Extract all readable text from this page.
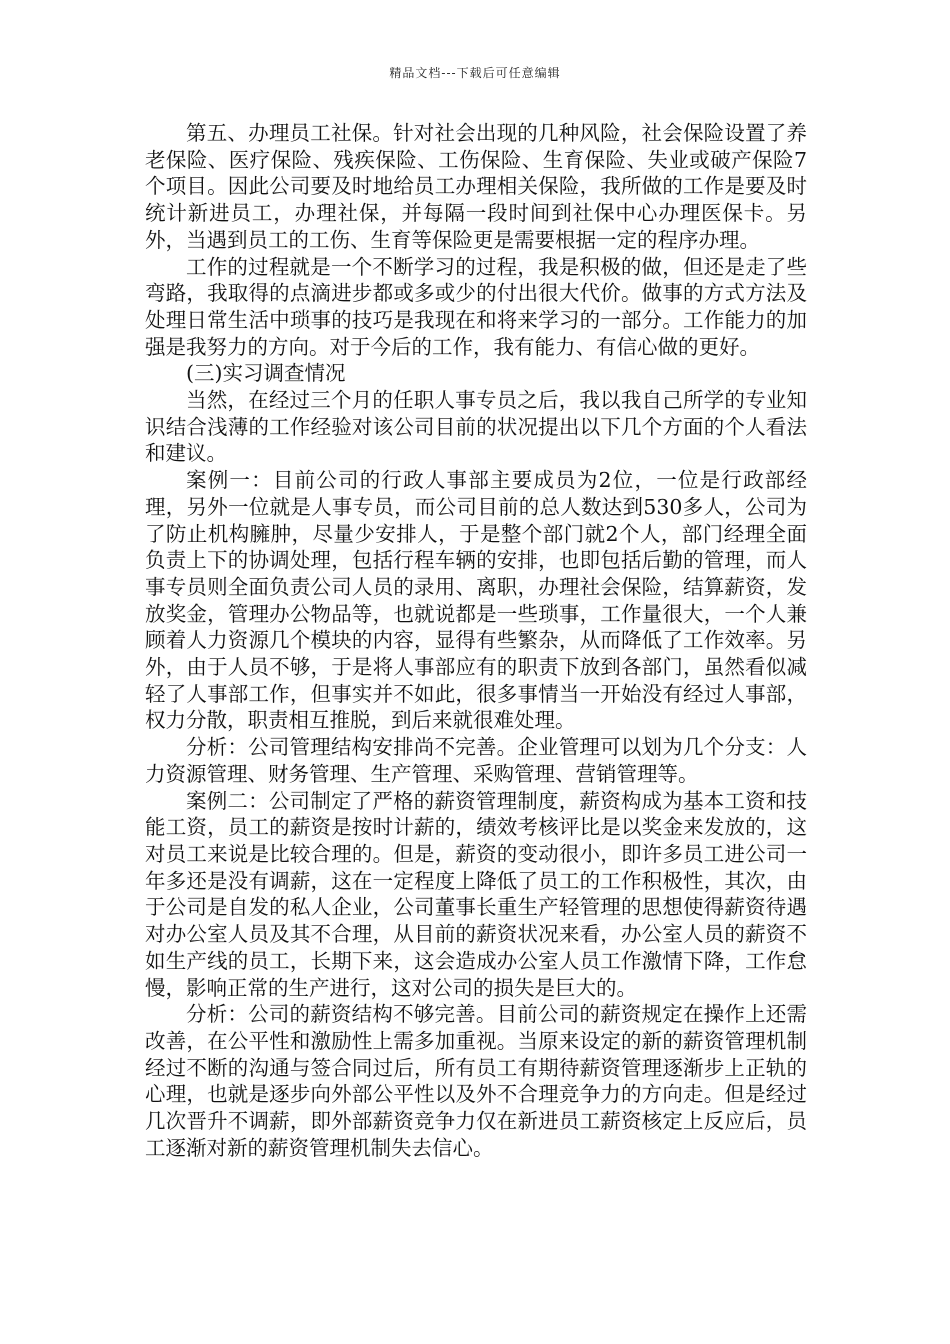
精品文档---下载后可任意编辑

第五、办理员工社保。针对社会出现的几种风险，社会保险设置了养老保险、医疗保险、残疾保险、工伤保险、生育保险、失业或破产保险7个项目。因此公司要及时地给员工办理相关保险，我所做的工作是要及时统计新进员工，办理社保，并每隔一段时间到社保中心办理医保卡。另外，当遇到员工的工伤、生育等保险更是需要根据一定的程序办理。

工作的过程就是一个不断学习的过程，我是积极的做，但还是走了些弯路，我取得的点滴进步都或多或少的付出很大代价。做事的方式方法及处理日常生活中琐事的技巧是我现在和将来学习的一部分。工作能力的加强是我努力的方向。对于今后的工作，我有能力、有信心做的更好。

(三)实习调查情况

当然，在经过三个月的任职人事专员之后，我以我自己所学的专业知识结合浅薄的工作经验对该公司目前的状况提出以下几个方面的个人看法和建议。

案例一：目前公司的行政人事部主要成员为2位，一位是行政部经理，另外一位就是人事专员，而公司目前的总人数达到530多人，公司为了防止机构臃肿，尽量少安排人，于是整个部门就2个人，部门经理全面负责上下的协调处理，包括行程车辆的安排，也即包括后勤的管理，而人事专员则全面负责公司人员的录用、离职，办理社会保险，结算薪资，发放奖金，管理办公物品等，也就说都是一些琐事，工作量很大，一个人兼顾着人力资源几个模块的内容，显得有些繁杂，从而降低了工作效率。另外，由于人员不够，于是将人事部应有的职责下放到各部门，虽然看似减轻了人事部工作，但事实并不如此，很多事情当一开始没有经过人事部，权力分散，职责相互推脱，到后来就很难处理。

分析：公司管理结构安排尚不完善。企业管理可以划为几个分支：人力资源管理、财务管理、生产管理、采购管理、营销管理等。

案例二：公司制定了严格的薪资管理制度，薪资构成为基本工资和技能工资，员工的薪资是按时计薪的，绩效考核评比是以奖金来发放的，这对员工来说是比较合理的。但是，薪资的变动很小，即许多员工进公司一年多还是没有调薪，这在一定程度上降低了员工的工作积极性，其次，由于公司是自发的私人企业，公司董事长重生产轻管理的思想使得薪资待遇对办公室人员及其不合理，从目前的薪资状况来看，办公室人员的薪资不如生产线的员工，长期下来，这会造成办公室人员工作激情下降，工作怠慢，影响正常的生产进行，这对公司的损失是巨大的。

分析：公司的薪资结构不够完善。目前公司的薪资规定在操作上还需改善，在公平性和激励性上需多加重视。当原来设定的新的薪资管理机制经过不断的沟通与签合同过后，所有员工有期待薪资管理逐渐步上正轨的心理，也就是逐步向外部公平性以及外不合理竞争力的方向走。但是经过几次晋升不调薪，即外部薪资竞争力仅在新进员工薪资核定上反应后，员工逐渐对新的薪资管理机制失去信心。
